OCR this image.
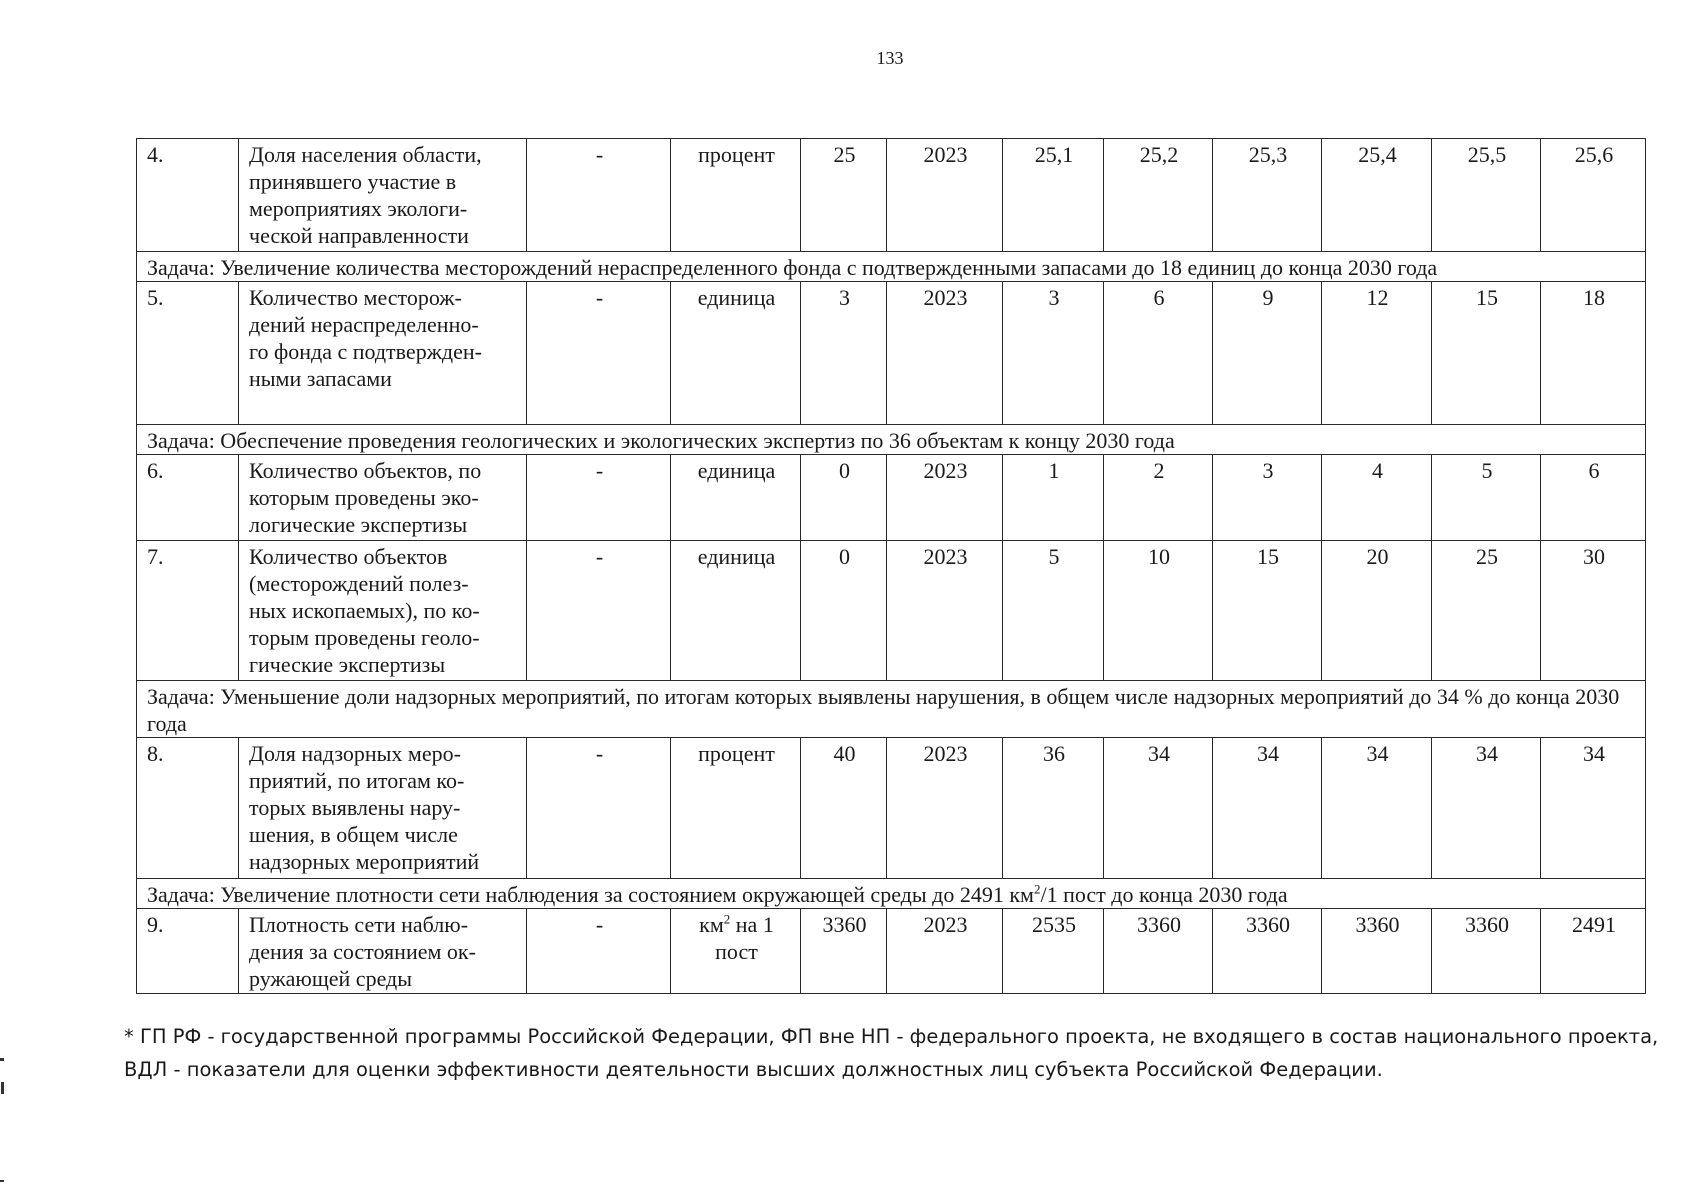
133
4.	Доля населения области,
принявшего участие в
мероприятиях экологи-
ческой направленности	-	процент	25	2023	25,1	25,2	25,3	25,4	25,5	25,6
Задача: Увеличение количества месторождений нераспределенного фонда с подтвержденными запасами до 18 единиц до конца 2030 года											
5.	Количество месторож-
дений нераспределенно-
го фонда с подтвержден-
ными запасами	-	единица	3	2023	3	6	9	12	15	18
Задача: Обеспечение проведения геологических и экологических экспертиз по 36 объектам к концу 2030 года											
6.	Количество объектов, по
которым проведены эко-
логические экспертизы	-	единица	0	2023	1	2	3	4	5	6
7.	Количество объектов
(месторождений полез-
ных ископаемых), по ко-
торым проведены геоло-
гические экспертизы	-	единица	0	2023	5	10	15	20	25	30
Задача: Уменьшение доли надзорных мероприятий, по итогам которых выявлены нарушения, в общем числе надзорных мероприятий до 34 % до конца 2030 года											
8.	Доля надзорных меро-
приятий, по итогам ко-
торых выявлены нару-
шения, в общем числе
надзорных мероприятий	-	процент	40	2023	36	34	34	34	34	34
Задача: Увеличение плотности сети наблюдения за состоянием окружающей среды до 2491 $км^2/1$ пост до конца 2030 года											
9.	Плотность сети наблю-
дения за состоянием ок-
ружающей среды	-	$км^2$ на 1
пост	3360	2023	2535	3360	3360	3360	3360	2491
* ГП РФ - государственной программы Российской Федерации, ФП вне НП - федерального проекта, не входящего в состав национального проекта,
ВДЛ - показатели для оценки эффективности деятельности высших должностных лиц субъекта Российской Федерации.
